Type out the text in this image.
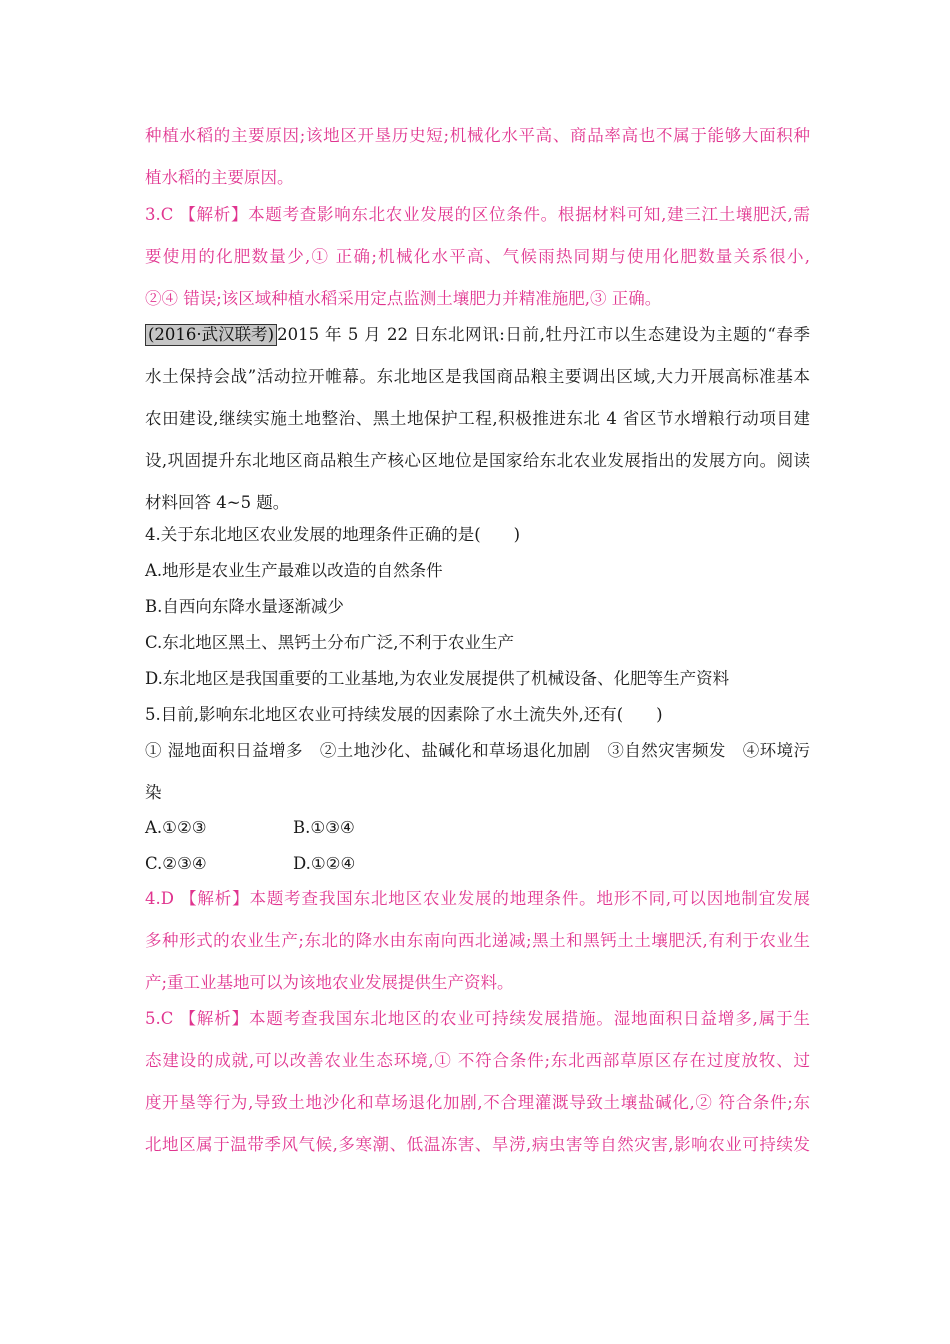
种植水稻的主要原因;该地区开垦历史短;机械化水平高、商品率高也不属于能够大面积种
植水稻的主要原因。
3.C 【解析】本题考查影响东北农业发展的区位条件。根据材料可知,建三江土壤肥沃,需
要使用的化肥数量少,① 正确;机械化水平高、气候雨热同期与使用化肥数量关系很小,
②④ 错误;该区域种植水稻采用定点监测土壤肥力并精准施肥,③ 正确。
(2016·武汉联考) 2015 年 5 月 22 日东北网讯:日前,牡丹江市以生态建设为主题的“春季
水土保持会战”活动拉开帷幕。东北地区是我国商品粮主要调出区域,大力开展高标准基本
农田建设,继续实施土地整治、黑土地保护工程,积极推进东北 4 省区节水增粮行动项目建
设,巩固提升东北地区商品粮生产核心区地位是国家给东北农业发展指出的发展方向。阅读
材料回答 4~5 题。
4.关于东北地区农业发展的地理条件正确的是(　　)
A.地形是农业生产最难以改造的自然条件
B.自西向东降水量逐渐减少
C.东北地区黑土、黑钙土分布广泛,不利于农业生产
D.东北地区是我国重要的工业基地,为农业发展提供了机械设备、化肥等生产资料
5.目前,影响东北地区农业可持续发展的因素除了水土流失外,还有(　　)
① 湿地面积日益增多　②土地沙化、盐碱化和草场退化加剧　③自然灾害频发　④环境污
染
A.①②③	B.①③④
C.②③④	D.①②④
4.D 【解析】本题考查我国东北地区农业发展的地理条件。地形不同,可以因地制宜发展
多种形式的农业生产;东北的降水由东南向西北递减;黑土和黑钙土土壤肥沃,有利于农业生
产;重工业基地可以为该地农业发展提供生产资料。
5.C 【解析】本题考查我国东北地区的农业可持续发展措施。湿地面积日益增多,属于生
态建设的成就,可以改善农业生态环境,① 不符合条件;东北西部草原区存在过度放牧、过
度开垦等行为,导致土地沙化和草场退化加剧,不合理灌溉导致土壤盐碱化,② 符合条件;东
北地区属于温带季风气候,多寒潮、低温冻害、旱涝,病虫害等自然灾害,影响农业可持续发
